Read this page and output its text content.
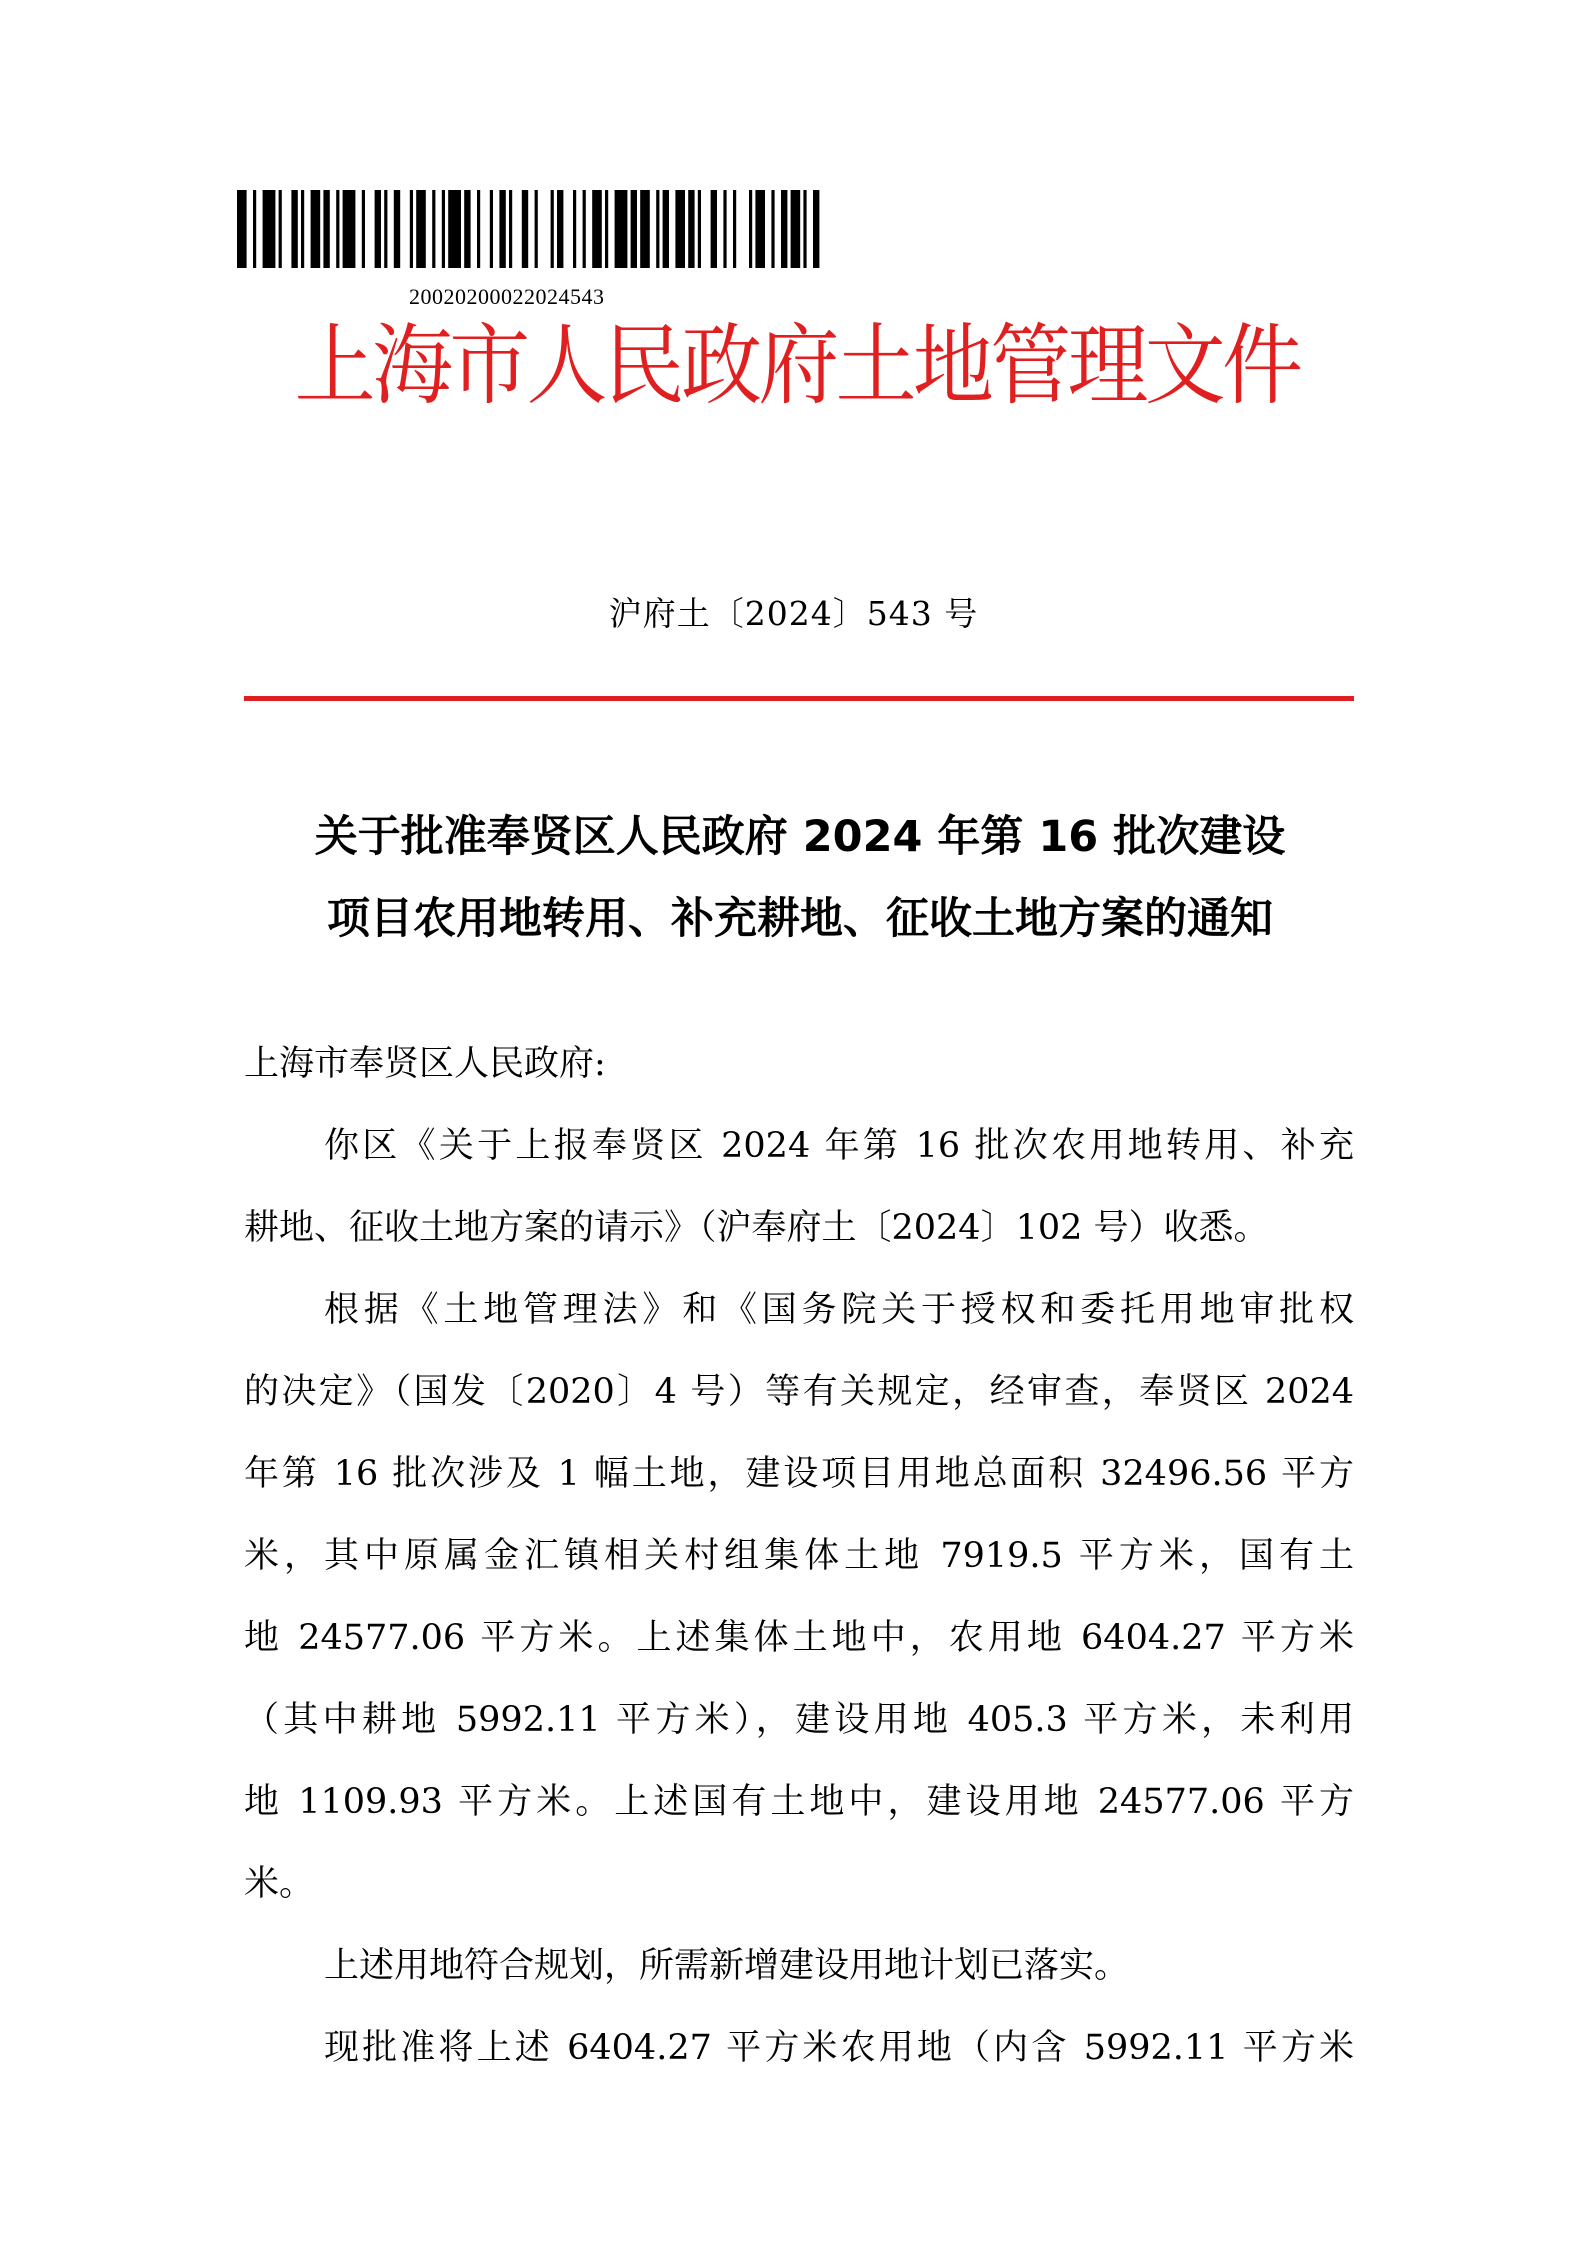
2002020002202454​3
上海市人民政府土地管理文件
沪府土〔2024〕543 号
关于批准奉贤区人民政府 2024 年第 16 批次建设
项目农用地转用、补充耕地、征收土地方案的通知
上海市奉贤区人民政府:
你区《关于上报奉贤区 2024 年第 16 批次农用地转用、补充
耕地、征收土地方案的请示》（沪奉府土〔2024〕102 号）收悉。
根据《土地管理法》和《国务院关于授权和委托用地审批权
的决定》（国发〔2020〕4 号）等有关规定，经审查，奉贤区 2024
年第 16 批次涉及 1 幅土地，建设项目用地总面积 32496.56 平方
米，其中原属金汇镇相关村组集体土地 7919.5 平方米，国有土
地 24577.06 平方米。上述集体土地中，农用地 6404.27 平方米
（其中耕地 5992.11 平方米），建设用地 405.3 平方米，未利用
地 1109.93 平方米。上述国有土地中，建设用地 24577.06 平方
米。
上述用地符合规划，所需新增建设用地计划已落实。
现批准将上述 6404.27 平方米农用地（内含 5992.11 平方米
